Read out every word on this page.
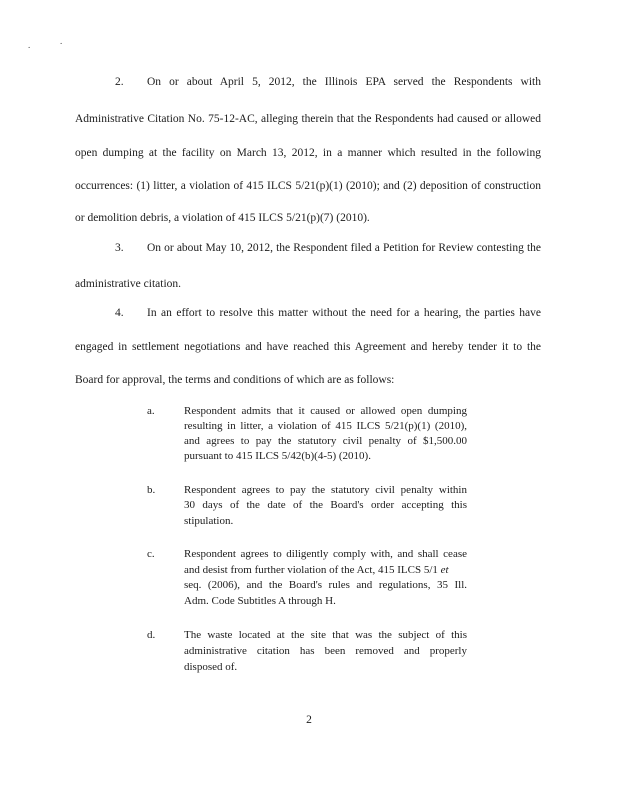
.	.
2. On or about April 5, 2012, the Illinois EPA served the Respondents with
Administrative Citation No. 75-12-AC, alleging therein that the Respondents had caused or allowed
open dumping at the facility on March 13, 2012, in a manner which resulted in the following
occurrences: (1) litter, a violation of 415 ILCS 5/21(p)(1) (2010); and (2) deposition of construction
or demolition debris, a violation of 415 ILCS 5/21(p)(7) (2010).
3. On or about May 10, 2012, the Respondent filed a Petition for Review contesting the
administrative citation.
4. In an effort to resolve this matter without the need for a hearing, the parties have
engaged in settlement negotiations and have reached this Agreement and hereby tender it to the
Board for approval, the terms and conditions of which are as follows:
a.	Respondent admits that it caused or allowed open dumping
resulting in litter, a violation of 415 ILCS 5/21(p)(1) (2010),
and agrees to pay the statutory civil penalty of $1,500.00
pursuant to 415 ILCS 5/42(b)(4-5) (2010).
b.	Respondent agrees to pay the statutory civil penalty within
30 days of the date of the Board's order accepting this
stipulation.
c.	Respondent agrees to diligently comply with, and shall cease
and desist from further violation of the Act, 415 ILCS 5/1 et
seq. (2006), and the Board's rules and regulations, 35 Ill.
Adm. Code Subtitles A through H.
d.	The waste located at the site that was the subject of this
administrative citation has been removed and properly
disposed of.
2
